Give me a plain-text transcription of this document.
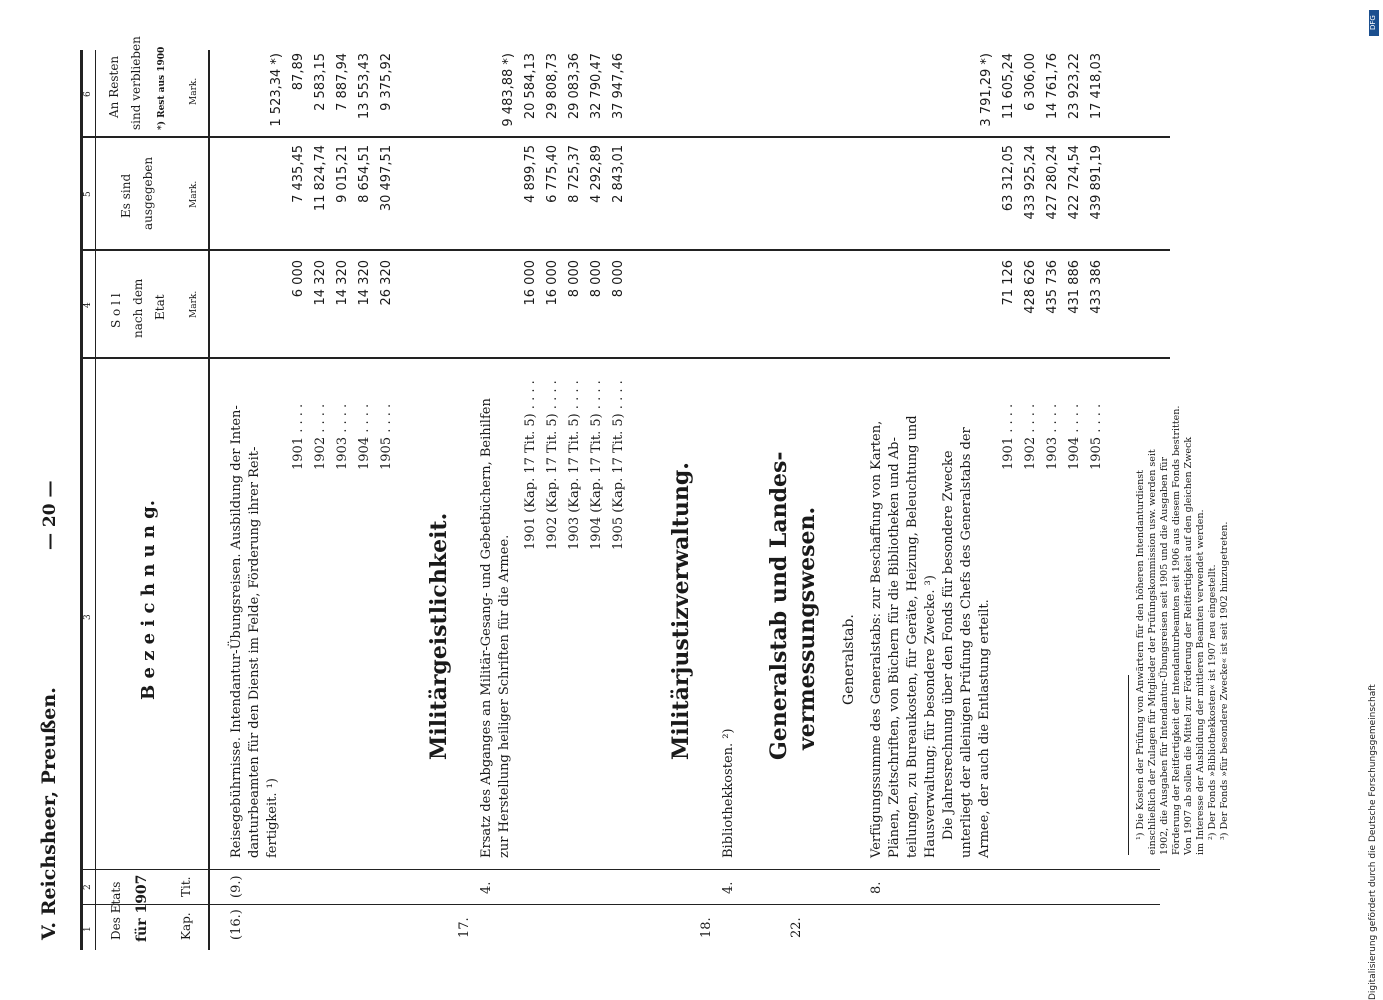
DFG
Digitalisierung gefördert durch die Deutsche Forschungsgemeinschaft
V. Reichsheer, Preußen.
— 20 —
1
2
3
4
5
6
Des Etats für 1907 Kap.
Tit.
B e z e i c h n u n g.
S o l l nach dem Etat Mark.
Es sind ausgegeben	Mark.
An Resten sind verblieben *) Rest aus 1900 Mark.
(16.)
(9.)
Reisegebührnisse. Intendantur-Übungsreisen. Ausbildung der Inten- danturbeamten für den Dienst im Felde, Förderung ihrer Reit- fertigkeit. ¹)
1901 . . . . 1902 . . . . 1903 . . . . 1904 . . . . 1905 . . . .
6 000 14 320 14 320 14 320 26 320
7 435,45 11 824,74 9 015,21 8 654,51 30 497,51
1 523,34 *) 87,89 2 583,15 7 887,94 13 553,43 9 375,92
17.
Militärgeistlichkeit.
4.
Ersatz des Abganges an Militär-Gesang- und Gebetbüchern, Beihilfen zur Herstellung heiliger Schriften für die Armee.
1901 (Kap. 17 Tit. 5) . . . . 1902 (Kap. 17 Tit. 5) . . . . 1903 (Kap. 17 Tit. 5) . . . . 1904 (Kap. 17 Tit. 5) . . . . 1905 (Kap. 17 Tit. 5) . . . .
16 000 16 000 8 000 8 000 8 000
4 899,75 6 775,40 8 725,37 4 292,89 2 843,01
9 483,88 *) 20 584,13 29 808,73 29 083,36 32 790,47 37 947,46
18.
Militärjustizverwaltung.
4.
Bibliothekkosten. ²)
22.
Generalstab und Landes- vermessungswesen. Generalstab.
8.
Verfügungssumme des Generalstabs: zur Beschaffung von Karten, Plänen, Zeitschriften, von Büchern für die Bibliotheken und Ab- teilungen, zu Bureaukosten, für Geräte, Heizung, Beleuchtung und Hausverwaltung; für besondere Zwecke. ³) Die Jahresrechnung über den Fonds für besondere Zwecke unterliegt der alleinigen Prüfung des Chefs des Generalstabs der Armee, der auch die Entlastung erteilt.
1901 . . . . 1902 . . . . 1903 . . . . 1904 . . . . 1905 . . . .
71 126 428 626 435 736 431 886 433 386
63 312,05 433 925,24 427 280,24 422 724,54 439 891,19
3 791,29 *) 11 605,24 6 306,00 14 761,76 23 923,22 17 418,03
¹) Die Kosten der Prüfung von Anwärtern für den höheren Intendanturdienst einschließlich der Zulagen für Mitglieder der Prüfungskommission usw. werden seit 1902, die Ausgaben für Intendantur-Übungsreisen seit 1905 und die Ausgaben für Förderung der Reitfertigkeit der Intendanturbeamten seit 1906 aus diesem Fonds bestritten. Von 1907 ab sollen die Mittel zur Förderung der Reitfertigkeit auf den gleichen Zweck im Interesse der Ausbildung der mittleren Beamten verwendet werden. ²) Der Fonds »Bibliothekkosten« ist 1907 neu eingestellt. ³) Der Fonds »für besondere Zwecke« ist seit 1902 hinzugetreten.
